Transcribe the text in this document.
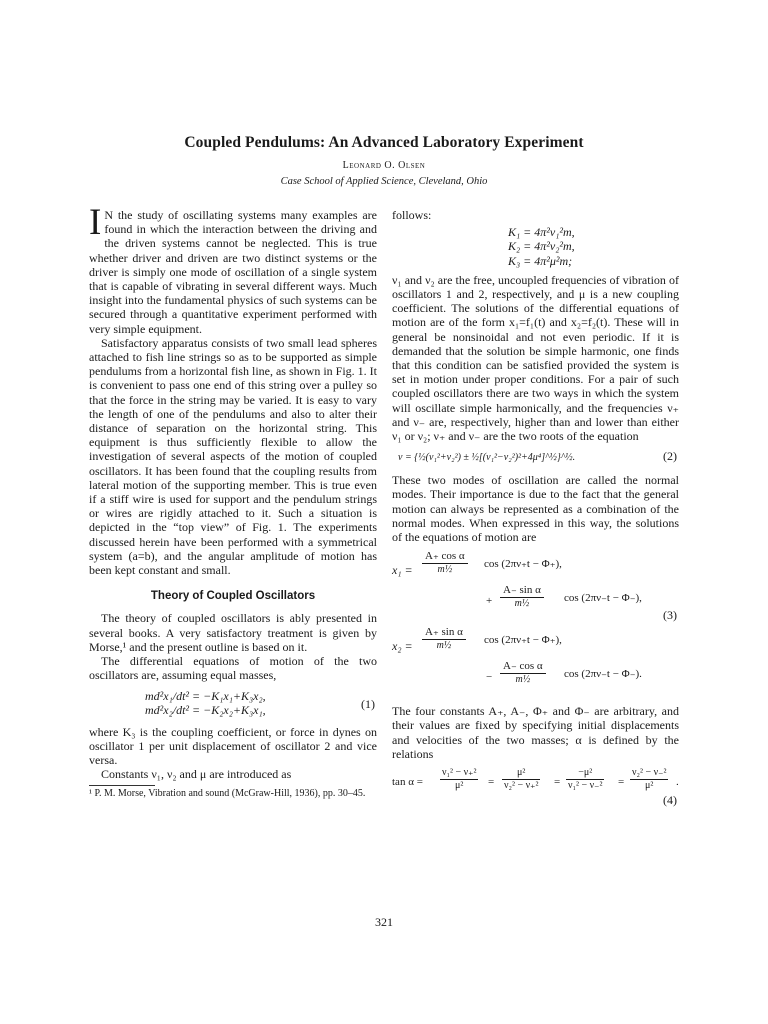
Coupled Pendulums: An Advanced Laboratory Experiment
Leonard O. Olsen
Case School of Applied Science, Cleveland, Ohio

I N the study of oscillating systems many examples are found in which the interaction between the driving and the driven systems cannot be neglected. This is true whether driver and driven are two distinct systems or the driver is simply one mode of oscillation of a single system that is capable of vibrating in several different ways. Much insight into the fundamental physics of such systems can be secured through a quantitative experiment performed with very simple equipment.

Satisfactory apparatus consists of two small lead spheres attached to fish line strings so as to be supported as simple pendulums from a horizontal fish line, as shown in Fig. 1. It is convenient to pass one end of this string over a pulley so that the force in the string may be varied. It is easy to vary the length of one of the pendulums and also to alter their distance of separation on the horizontal string. This equipment is thus sufficiently flexible to allow the investigation of several aspects of the motion of coupled oscillators. It has been found that the coupling results from lateral motion of the supporting member. This is true even if a stiff wire is used for support and the pendulum strings or wires are rigidly attached to it. Such a situation is depicted in the “top view” of Fig. 1. The experiments discussed herein have been performed with a symmetrical system (a=b), and the angular amplitude of motion has been kept constant and small.

Theory of Coupled Oscillators

The theory of coupled oscillators is ably presented in several books. A very satisfactory treatment is given by Morse,¹ and the present outline is based on it.

The differential equations of motion of the two oscillators are, assuming equal masses,

md²x₁/dt² = −K₁x₁+K₃x₂,
md²x₂/dt² = −K₂x₂+K₃x₁,	(1)

where K₃ is the coupling coefficient, or force in dynes on oscillator 1 per unit displacement of oscillator 2 and vice versa.

Constants ν₁, ν₂ and μ are introduced as

¹ P. M. Morse, Vibration and sound (McGraw-Hill, 1936), pp. 30–45.

follows:

K₁ = 4π²ν₁²m,
K₂ = 4π²ν₂²m,
K₃ = 4π²μ²m;

ν₁ and ν₂ are the free, uncoupled frequencies of vibration of oscillators 1 and 2, respectively, and μ is a new coupling coefficient. The solutions of the differential equations of motion are of the form x₁=f₁(t) and x₂=f₂(t). These will in general be nonsinoidal and not even periodic. If it is demanded that the solution be simple harmonic, one finds that this condition can be satisfied provided the system is set in motion under proper conditions. For a pair of such coupled oscillators there are two ways in which the system will oscillate simple harmonically, and the frequencies ν₊ and ν₋ are, respectively, higher than and lower than either ν₁ or ν₂; ν₊ and ν₋ are the two roots of the equation

ν = {½(ν₁²+ν₂²) ± ½[(ν₁²−ν₂²)²+4μ⁴]^½}^½.	(2)

These two modes of oscillation are called the normal modes. Their importance is due to the fact that the general motion can always be represented as a combination of the normal modes. When expressed in this way, the solutions of the equations of motion are

$x_1 = \frac{\text{A₊ cos α}}{\text{m½}}$ cos (2πν₊t − Φ₊),
+ $\frac{\text{A₋ sin α}}{\text{m½}}$ cos (2πν₋t − Φ₋),
(3)
$x_2 = \frac{\text{A₊ sin α}}{\text{m½}}$ cos (2πν₊t − Φ₊),
− $\frac{\text{A₋ cos α}}{\text{m½}}$ cos (2πν₋t − Φ₋).

The four constants A₊, A₋, Φ₊ and Φ₋ are arbitrary, and their values are fixed by specifying initial displacements and velocities of the two masses; α is defined by the relations

$\tan \alpha = \frac{\text{ν₁² − ν₊²}}{\text{μ²}} = \frac{\text{μ²}}{\text{ν₂² − ν₊²}} = \frac{\text{−μ²}}{\text{ν₁² − ν₋²}} = \frac{\text{ν₂² − ν₋²}}{\text{μ²}}$ .
(4)
321
